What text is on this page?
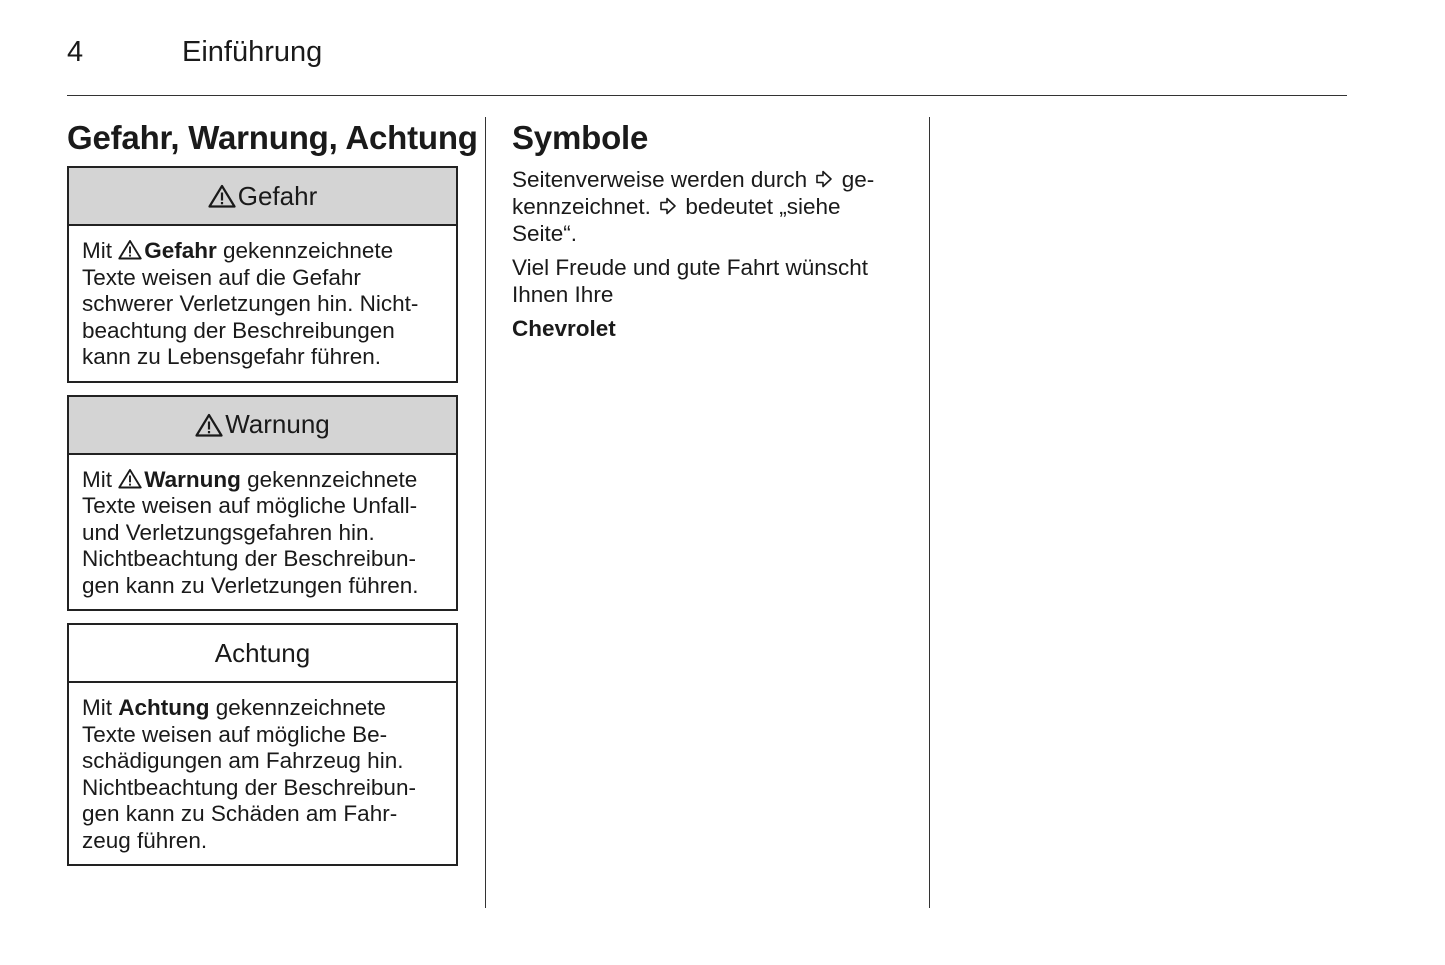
4	Einführung
Gefahr, Warnung, Achtung
Gefahr
Mit Gefahr gekennzeichnete
Texte weisen auf die Gefahr
schwerer Verletzungen hin. Nicht-
beachtung der Beschreibungen
kann zu Lebensgefahr führen.
Warnung
Mit Warnung gekennzeichnete
Texte weisen auf mögliche Unfall-
und Verletzungsgefahren hin.
Nichtbeachtung der Beschreibun-
gen kann zu Verletzungen führen.
Achtung
Mit Achtung gekennzeichnete
Texte weisen auf mögliche Be-
schädigungen am Fahrzeug hin.
Nichtbeachtung der Beschreibun-
gen kann zu Schäden am Fahr-
zeug führen.
Symbole

Seitenverweise werden durch  ge-
kennzeichnet.  bedeutet „siehe
Seite“.

Viel Freude und gute Fahrt wünscht
Ihnen Ihre

Chevrolet
